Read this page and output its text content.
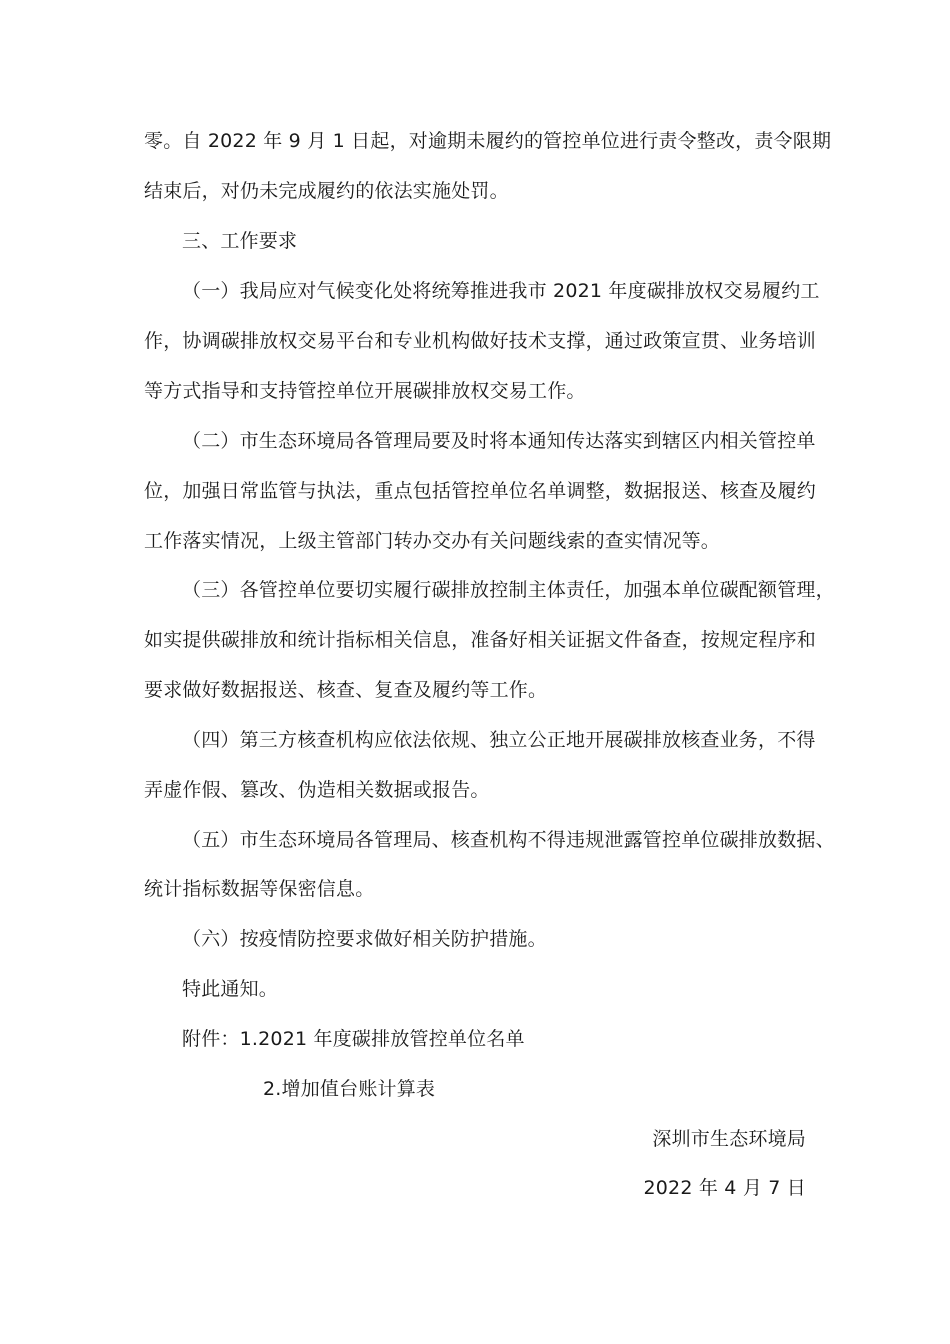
零。自 2022 年 9 月 1 日起，对逾期未履约的管控单位进行责令整改，责令限期
结束后，对仍未完成履约的依法实施处罚。
三、工作要求
（一）我局应对气候变化处将统筹推进我市 2021 年度碳排放权交易履约工
作，协调碳排放权交易平台和专业机构做好技术支撑，通过政策宣贯、业务培训
等方式指导和支持管控单位开展碳排放权交易工作。
（二）市生态环境局各管理局要及时将本通知传达落实到辖区内相关管控单
位，加强日常监管与执法，重点包括管控单位名单调整，数据报送、核查及履约
工作落实情况，上级主管部门转办交办有关问题线索的查实情况等。
（三）各管控单位要切实履行碳排放控制主体责任，加强本单位碳配额管理，
如实提供碳排放和统计指标相关信息，准备好相关证据文件备查，按规定程序和
要求做好数据报送、核查、复查及履约等工作。
（四）第三方核查机构应依法依规、独立公正地开展碳排放核查业务，不得
弄虚作假、篡改、伪造相关数据或报告。
（五）市生态环境局各管理局、核查机构不得违规泄露管控单位碳排放数据、
统计指标数据等保密信息。
（六）按疫情防控要求做好相关防护措施。
特此通知。
附件：1.2021 年度碳排放管控单位名单
2.增加值台账计算表
深圳市生态环境局
2022 年 4 月 7 日
